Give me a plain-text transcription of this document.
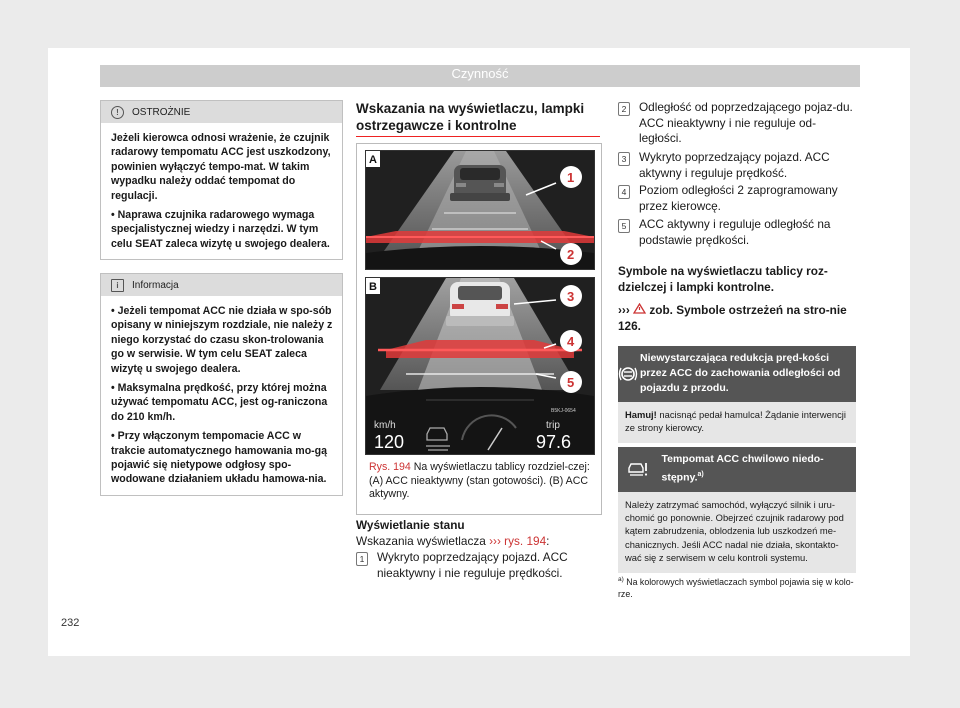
Czynność
!	OSTROŻNIE

Jeżeli kierowca odnosi wrażenie, że czujnik radarowy tempomatu ACC jest uszkodzony, powinien wyłączyć tempo-mat. W takim wypadku należy oddać tempomat do regulacji.

• Naprawa czujnika radarowego wymaga specjalistycznej wiedzy i narzędzi. W tym celu SEAT zaleca wizytę u swojego dealera.

i	Informacja

• Jeżeli tempomat ACC nie działa w spo-sób opisany w niniejszym rozdziale, nie należy z niego korzystać do czasu skon-trolowania go w serwisie. W tym celu SEAT zaleca wizytę u swojego dealera.

• Maksymalna prędkość, przy której można używać tempomatu ACC, jest og-raniczona do 210 km/h.

• Przy włączonym tempomacie ACC w trakcie automatycznego hamowania mo-gą pojawić się nietypowe odgłosy spo-wodowane działaniem układu hamowa-nia.

Wskazania na wyświetlaczu, lampki ostrzegawcze i kontrolne
A
1
2
B
3
4
5
km/h
120
trip
97.6
B5KJ-0654
Rys. 194 Na wyświetlaczu tablicy rozdziel-czej: (A) ACC nieaktywny (stan gotowości). (B) ACC aktywny.
Wyświetlanie stanu
Wskazania wyświetlacza ››› rys. 194:
1	Wykryto poprzedzający pojazd. ACC nieaktywny i nie reguluje prędkości.
2	Odległość od poprzedzającego pojaz-du. ACC nieaktywny i nie reguluje od-ległości.
3	Wykryto poprzedzający pojazd. ACC aktywny i reguluje prędkość.
4	Poziom odległości 2 zaprogramowany przez kierowcę.
5	ACC aktywny i reguluje odległość na podstawie prędkości.
Symbole na wyświetlaczu tablicy roz-dzielczej i lampki kontrolne.
››› zob. Symbole ostrzeżeń na stro-nie 126.
Niewystarczająca redukcja pręd-kości przez ACC do zachowania odległości od pojazdu z przodu.
Hamuj! nacisnąć pedał hamulca! Żądanie interwencji ze strony kierowcy.
Tempomat ACC chwilowo niedo-stępny.$^{a)}$
Należy zatrzymać samochód, wyłączyć silnik i uru-chomić go ponownie. Obejrzeć czujnik radarowy pod kątem zabrudzenia, oblodzenia lub uszkodzeń me-chanicznych. Jeśli ACC nadal nie działa, skontakto-wać się z serwisem w celu kontroli systemu.
$^{a)}$ Na kolorowych wyświetlaczach symbol pojawia się w kolo-rze.
232
